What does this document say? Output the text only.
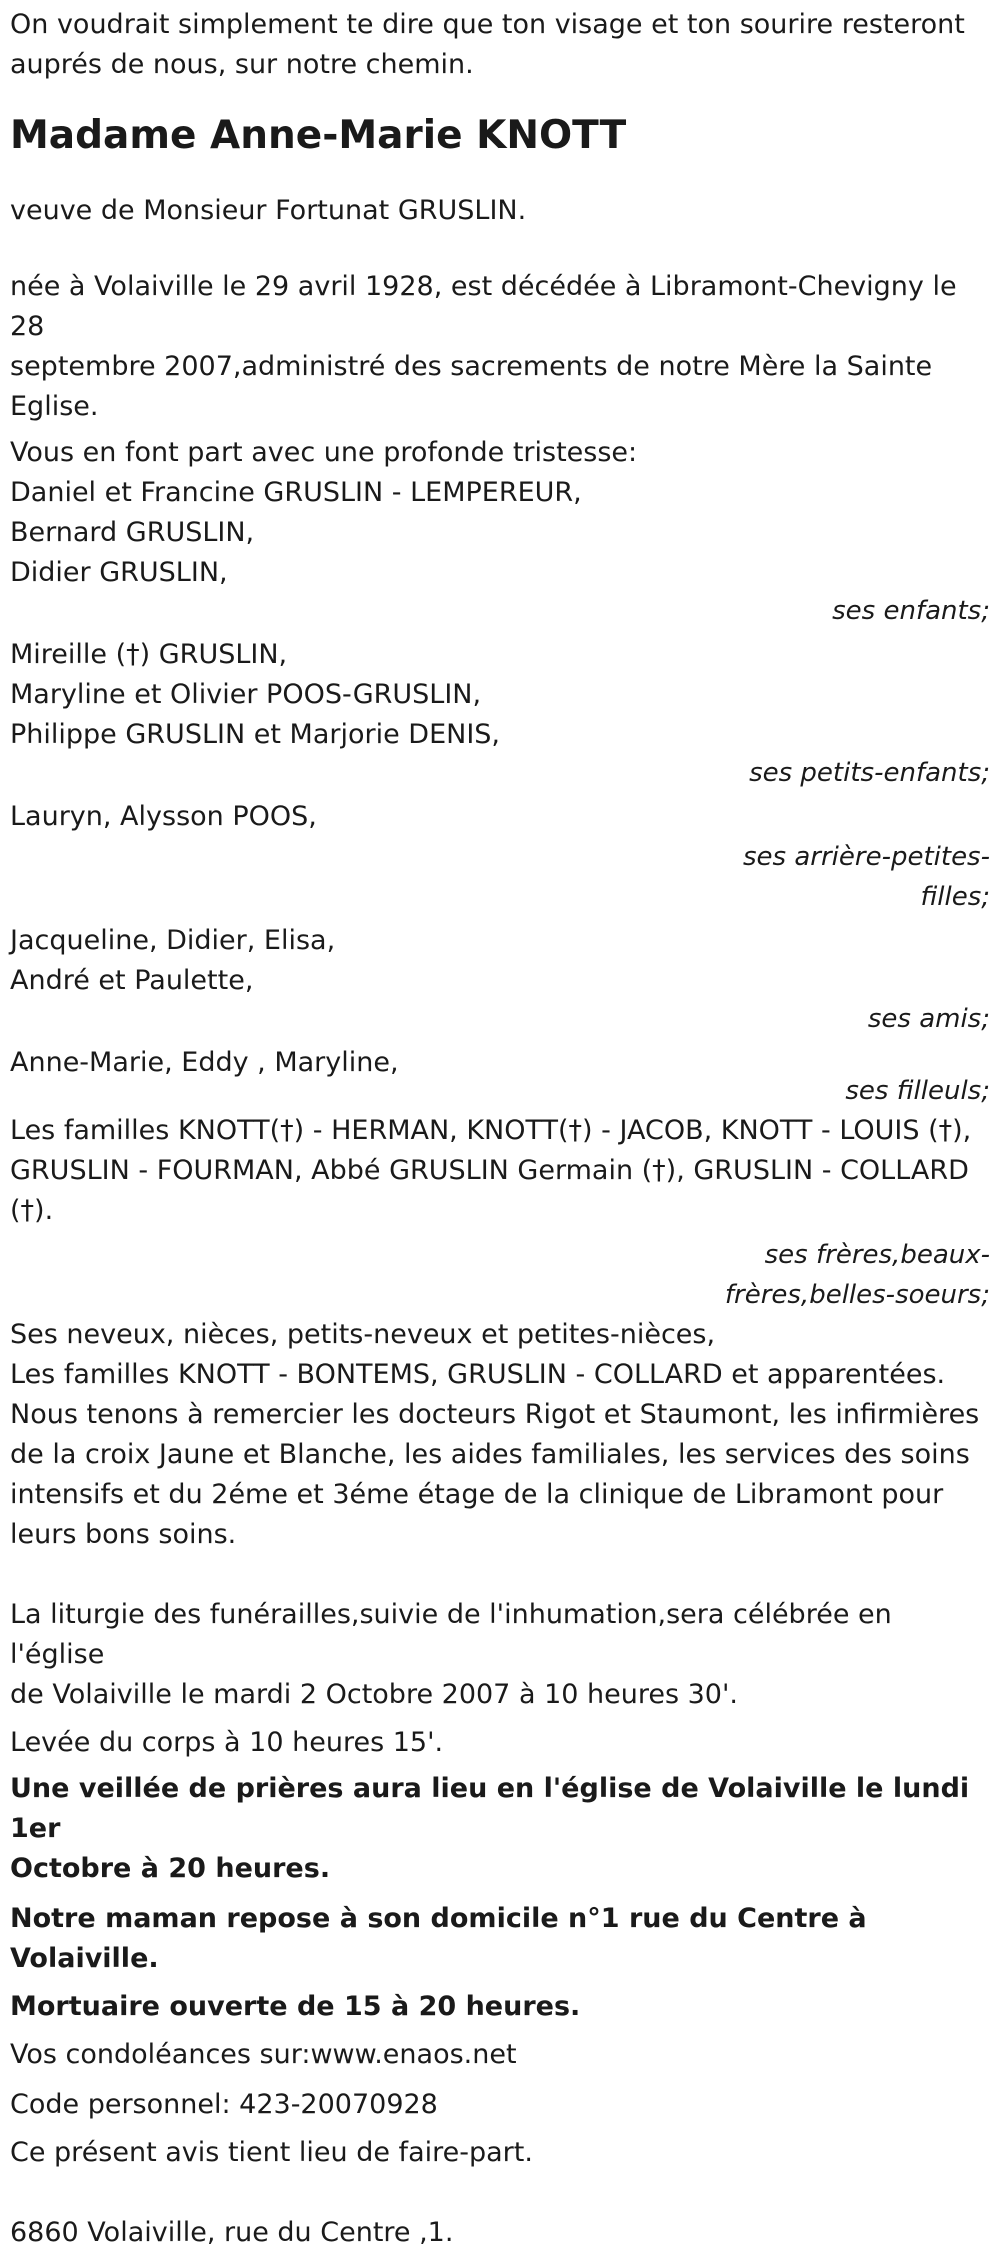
On voudrait simplement te dire que ton visage et ton sourire resteront

auprés de nous, sur notre chemin.

Madame Anne-Marie KNOTT

veuve de Monsieur Fortunat GRUSLIN.

née à Volaiville le 29 avril 1928, est décédée à Libramont-Chevigny le 28

septembre 2007,administré des sacrements de notre Mère la Sainte

Eglise.

Vous en font part avec une profonde tristesse:

Daniel et Francine GRUSLIN - LEMPEREUR,

Bernard GRUSLIN,

Didier GRUSLIN,

ses enfants;

Mireille (†) GRUSLIN,

Maryline et Olivier POOS-GRUSLIN,

Philippe GRUSLIN et Marjorie DENIS,

ses petits-enfants;

Lauryn, Alysson POOS,

ses arrière-petites-

filles;

Jacqueline, Didier, Elisa,

André et Paulette,

ses amis;

Anne-Marie, Eddy , Maryline,

ses filleuls;

Les familles KNOTT(†) - HERMAN, KNOTT(†) - JACOB, KNOTT - LOUIS (†),

GRUSLIN - FOURMAN, Abbé GRUSLIN Germain (†), GRUSLIN - COLLARD

(†).

ses frères,beaux-

frères,belles-soeurs;

Ses neveux, nièces, petits-neveux et petites-nièces,

Les familles KNOTT - BONTEMS, GRUSLIN - COLLARD et apparentées.

Nous tenons à remercier les docteurs Rigot et Staumont, les infirmières

de la croix Jaune et Blanche, les aides familiales, les services des soins

intensifs et du 2éme et 3éme étage de la clinique de Libramont pour

leurs bons soins.

La liturgie des funérailles,suivie de l'inhumation,sera célébrée en l'église

de Volaiville le mardi 2 Octobre 2007 à 10 heures 30'.

Levée du corps à 10 heures 15'.

Une veillée de prières aura lieu en l'église de Volaiville le lundi 1er

Octobre à 20 heures.

Notre maman repose à son domicile n°1 rue du Centre à Volaiville.

Mortuaire ouverte de 15 à 20 heures.

Vos condoléances sur:www.enaos.net

Code personnel: 423-20070928

Ce présent avis tient lieu de faire-part.

6860 Volaiville, rue du Centre ,1.
